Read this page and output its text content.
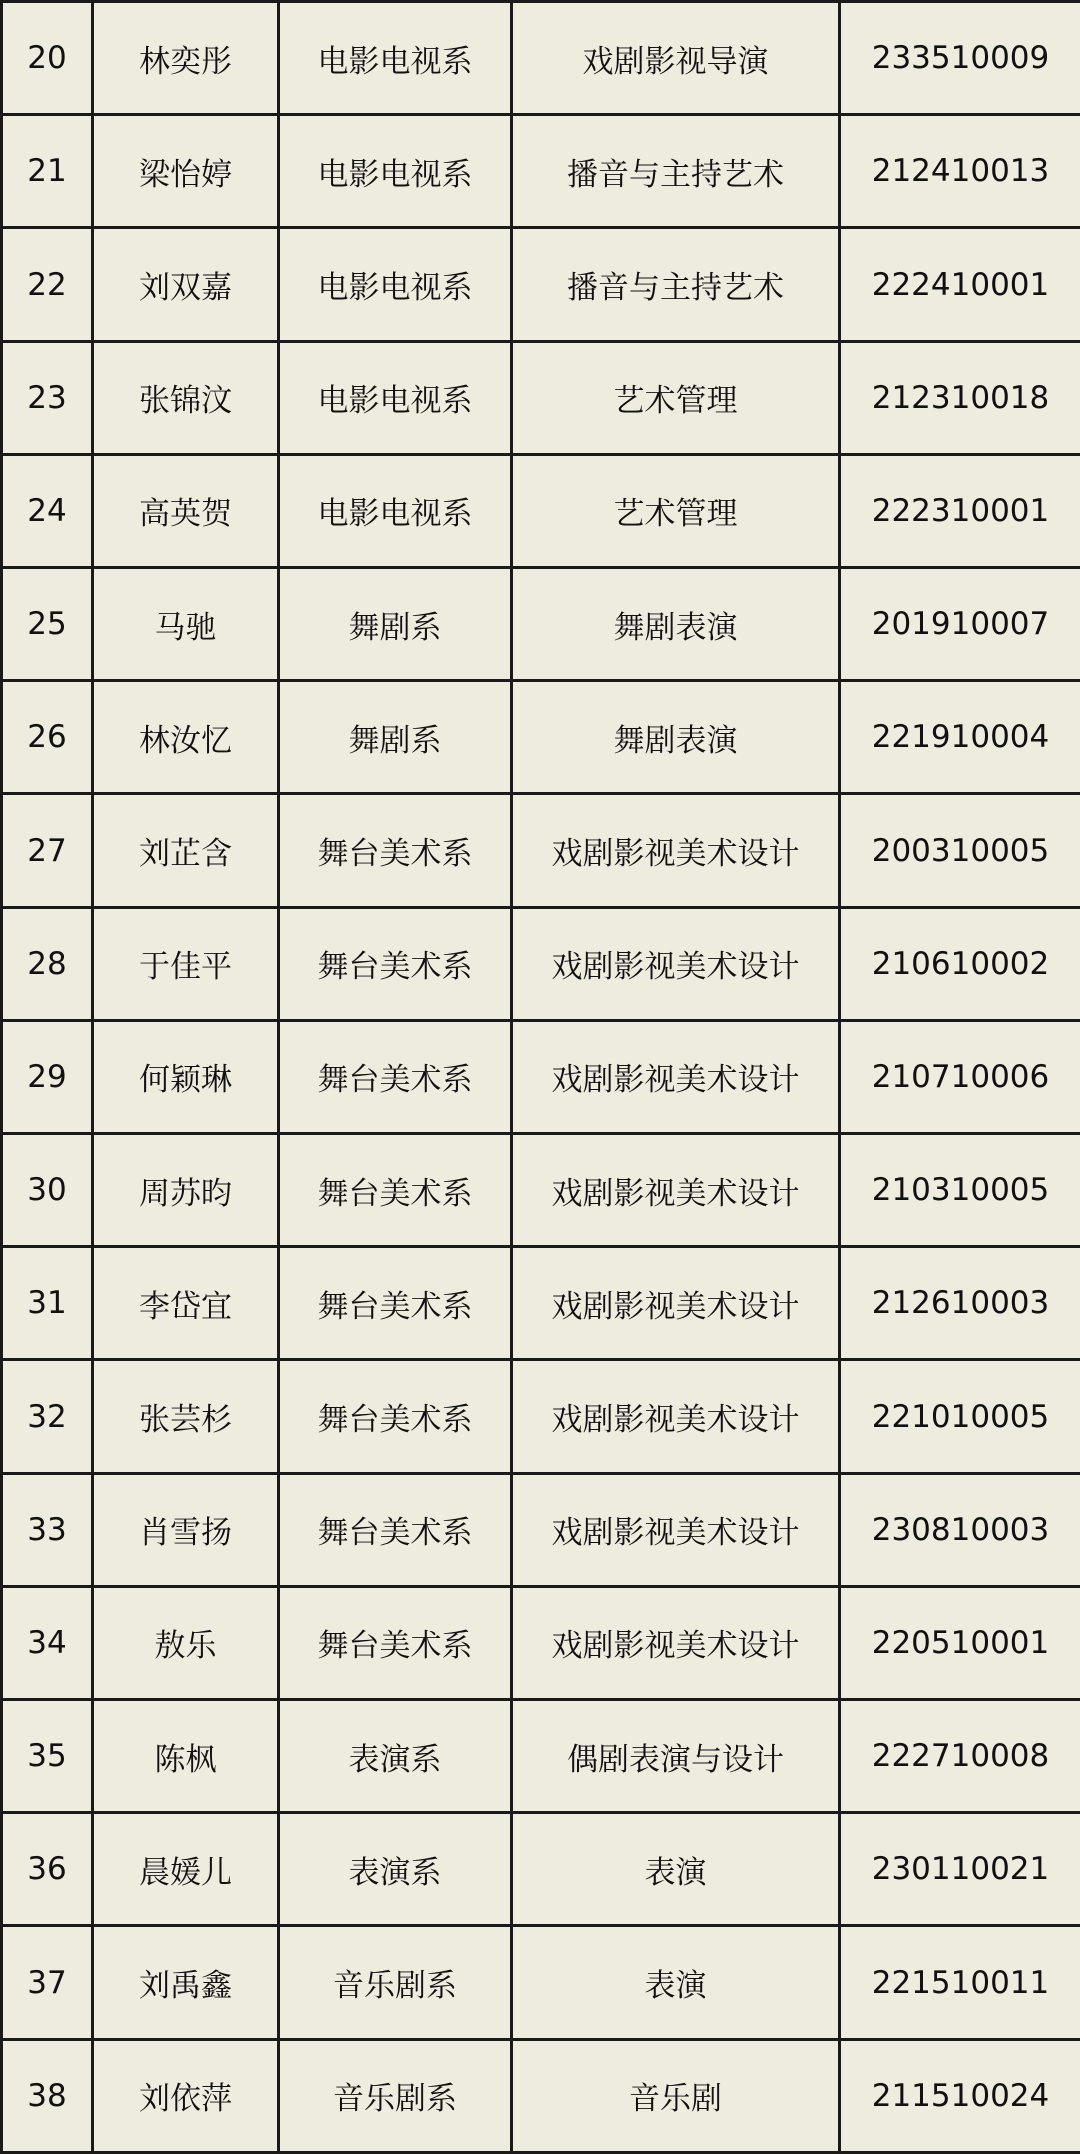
20	林奕彤	电影电视系	戏剧影视导演	233510009
21	梁怡婷	电影电视系	播音与主持艺术	212410013
22	刘双嘉	电影电视系	播音与主持艺术	222410001
23	张锦汶	电影电视系	艺术管理	212310018
24	高英贺	电影电视系	艺术管理	222310001
25	马驰	舞剧系	舞剧表演	201910007
26	林汝忆	舞剧系	舞剧表演	221910004
27	刘芷含	舞台美术系	戏剧影视美术设计	200310005
28	于佳平	舞台美术系	戏剧影视美术设计	210610002
29	何颖琳	舞台美术系	戏剧影视美术设计	210710006
30	周苏昀	舞台美术系	戏剧影视美术设计	210310005
31	李岱宜	舞台美术系	戏剧影视美术设计	212610003
32	张芸杉	舞台美术系	戏剧影视美术设计	221010005
33	肖雪扬	舞台美术系	戏剧影视美术设计	230810003
34	敖乐	舞台美术系	戏剧影视美术设计	220510001
35	陈枫	表演系	偶剧表演与设计	222710008
36	晨媛儿	表演系	表演	230110021
37	刘禹鑫	音乐剧系	表演	221510011
38	刘依萍	音乐剧系	音乐剧	211510024
